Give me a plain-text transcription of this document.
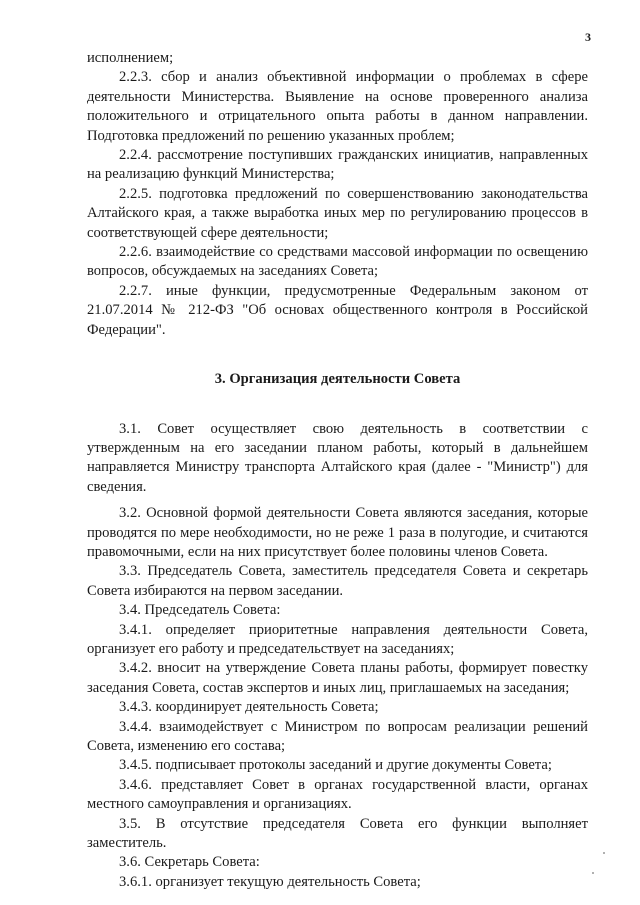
3

исполнением;

2.2.3. сбор и анализ объективной информации о проблемах в сфере деятельности Министерства. Выявление на основе проверенного анализа положительного и отрицательного опыта работы в данном направлении. Подготовка предложений по решению указанных проблем;

2.2.4. рассмотрение поступивших гражданских инициатив, направленных на реализацию функций Министерства;

2.2.5. подготовка предложений по совершенствованию законодательства Алтайского края, а также выработка иных мер по регулированию процессов в соответствующей сфере деятельности;

2.2.6. взаимодействие со средствами массовой информации по освещению вопросов, обсуждаемых на заседаниях Совета;

2.2.7. иные функции, предусмотренные Федеральным законом от 21.07.2014 № 212-ФЗ "Об основах общественного контроля в Российской Федерации".

3. Организация деятельности Совета

3.1. Совет осуществляет свою деятельность в соответствии с утвержденным на его заседании планом работы, который в дальнейшем направляется Министру транспорта Алтайского края (далее - "Министр") для сведения.

3.2. Основной формой деятельности Совета являются заседания, которые проводятся по мере необходимости, но не реже 1 раза в полугодие, и считаются правомочными, если на них присутствует более половины членов Совета.

3.3. Председатель Совета, заместитель председателя Совета и секретарь Совета избираются на первом заседании.

3.4. Председатель Совета:

3.4.1. определяет приоритетные направления деятельности Совета, организует его работу и председательствует на заседаниях;

3.4.2. вносит на утверждение Совета планы работы, формирует повестку заседания Совета, состав экспертов и иных лиц, приглашаемых на заседания;

3.4.3. координирует деятельность Совета;

3.4.4. взаимодействует с Министром по вопросам реализации решений Совета, изменению его состава;

3.4.5. подписывает протоколы заседаний и другие документы Совета;

3.4.6. представляет Совет в органах государственной власти, органах местного самоуправления и организациях.

3.5. В отсутствие председателя Совета его функции выполняет заместитель.

3.6. Секретарь Совета:

3.6.1. организует текущую деятельность Совета;
